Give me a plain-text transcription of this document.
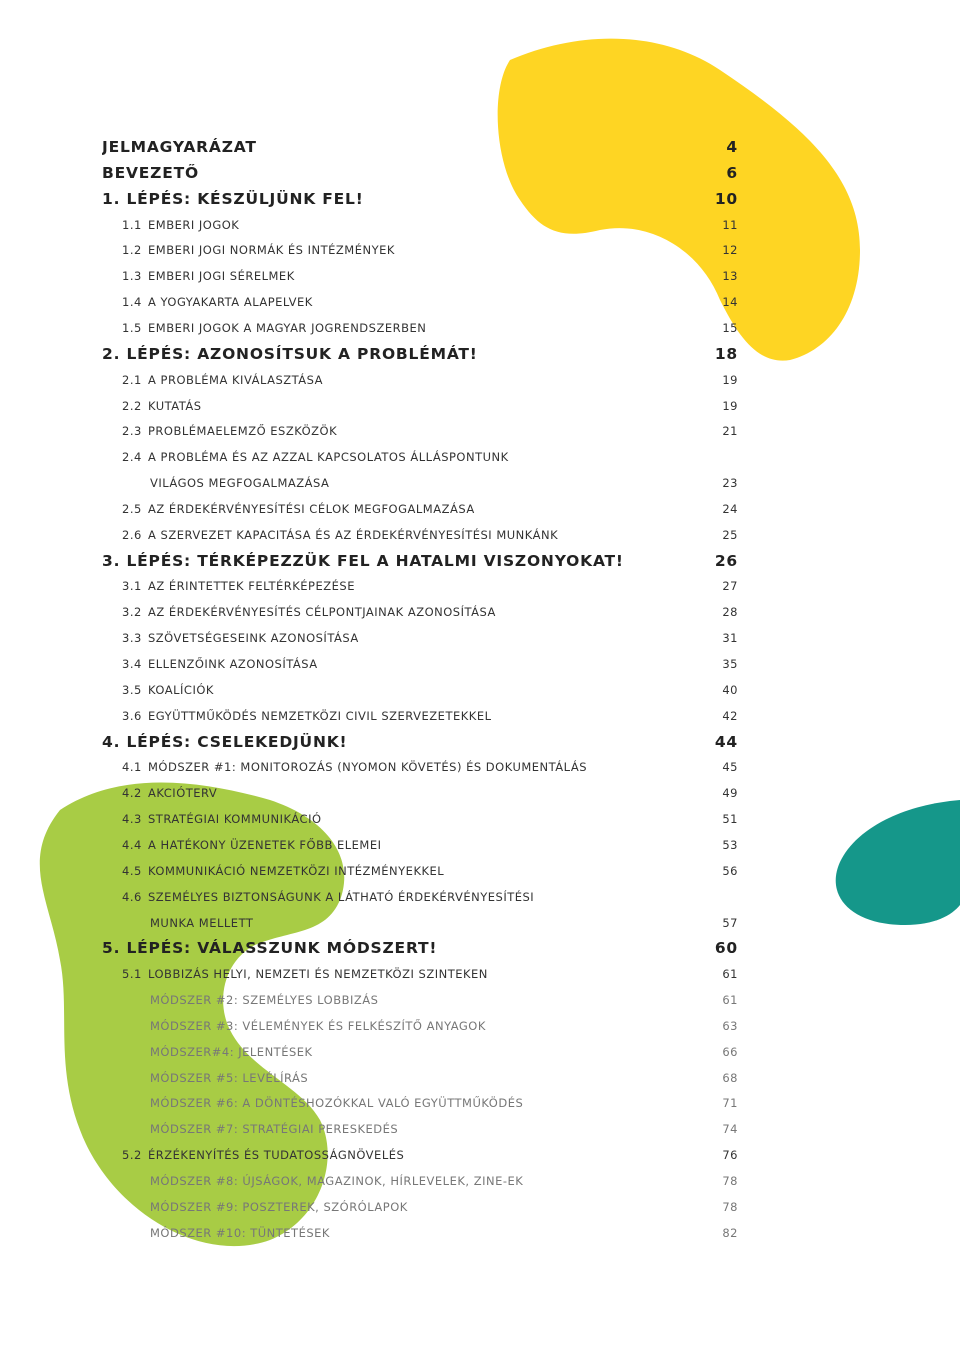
JELMAGYARÁZAT	4
BEVEZETŐ	6
1. LÉPÉS: KÉSZÜLJÜNK FEL!	10
1.1 EMBERI JOGOK	11
1.2 EMBERI JOGI NORMÁK ÉS INTÉZMÉNYEK	12
1.3 EMBERI JOGI SÉRELMEK	13
1.4 A YOGYAKARTA ALAPELVEK	14
1.5 EMBERI JOGOK A MAGYAR JOGRENDSZERBEN	15
2. LÉPÉS: AZONOSÍTSUK A PROBLÉMÁT!	18
2.1 A PROBLÉMA KIVÁLASZTÁSA	19
2.2 KUTATÁS	19
2.3 PROBLÉMAELEMZŐ ESZKÖZÖK	21
2.4 A PROBLÉMA ÉS AZ AZZAL KAPCSOLATOS ÁLLÁSPONTUNK
VILÁGOS MEGFOGALMAZÁSA	23
2.5 AZ ÉRDEKÉRVÉNYESÍTÉSI CÉLOK MEGFOGALMAZÁSA	24
2.6 A SZERVEZET KAPACITÁSA ÉS AZ ÉRDEKÉRVÉNYESÍTÉSI MUNKÁNK	25
3. LÉPÉS: TÉRKÉPEZZÜK FEL A HATALMI VISZONYOKAT!	26
3.1 AZ ÉRINTETTEK FELTÉRKÉPEZÉSE	27
3.2 AZ ÉRDEKÉRVÉNYESÍTÉS CÉLPONTJAINAK AZONOSÍTÁSA	28
3.3 SZÖVETSÉGESEINK AZONOSÍTÁSA	31
3.4 ELLENZŐINK AZONOSÍTÁSA	35
3.5 KOALÍCIÓK	40
3.6 EGYÜTTMŰKÖDÉS NEMZETKÖZI CIVIL SZERVEZETEKKEL	42
4. LÉPÉS: CSELEKEDJÜNK!	44
4.1 MÓDSZER #1: MONITOROZÁS (NYOMON KÖVETÉS) ÉS DOKUMENTÁLÁS	45
4.2 AKCIÓTERV	49
4.3 STRATÉGIAI KOMMUNIKÁCIÓ	51
4.4 A HATÉKONY ÜZENETEK FŐBB ELEMEI	53
4.5 KOMMUNIKÁCIÓ NEMZETKÖZI INTÉZMÉNYEKKEL	56
4.6 SZEMÉLYES BIZTONSÁGUNK A LÁTHATÓ ÉRDEKÉRVÉNYESÍTÉSI
MUNKA MELLETT	57
5. LÉPÉS: VÁLASSZUNK MÓDSZERT!	60
5.1 LOBBIZÁS HELYI, NEMZETI ÉS NEMZETKÖZI SZINTEKEN	61
MÓDSZER #2: SZEMÉLYES LOBBIZÁS	61
MÓDSZER #3: VÉLEMÉNYEK ÉS FELKÉSZÍTŐ ANYAGOK	63
MÓDSZER#4: JELENTÉSEK	66
MÓDSZER #5: LEVÉLÍRÁS	68
MÓDSZER #6: A DÖNTÉSHOZÓKKAL VALÓ EGYÜTTMŰKÖDÉS	71
MÓDSZER #7: STRATÉGIAI PERESKEDÉS	74
5.2 ÉRZÉKENYÍTÉS ÉS TUDATOSSÁGNÖVELÉS	76
MÓDSZER #8: ÚJSÁGOK, MAGAZINOK, HÍRLEVELEK, ZINE-EK	78
MÓDSZER #9: POSZTEREK, SZÓRÓLAPOK	78
MÓDSZER #10: TÜNTETÉSEK	82
